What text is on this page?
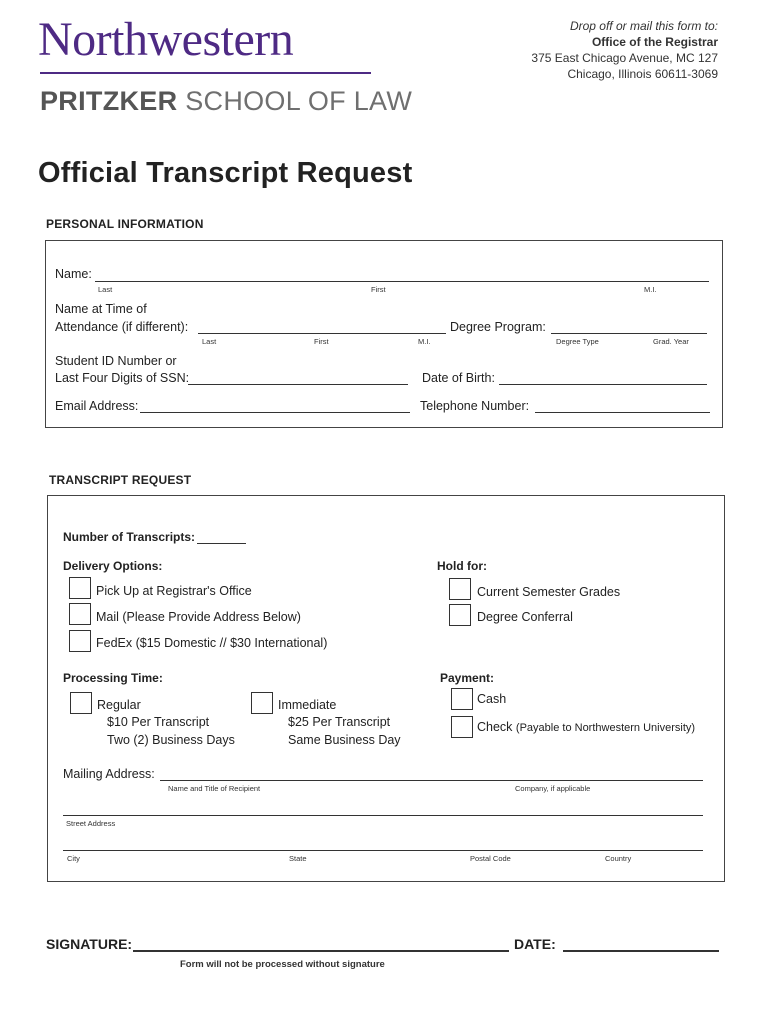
Northwestern
PRITZKER SCHOOL OF LAW
Drop off or mail this form to:
Office of the Registrar
375 East Chicago Avenue, MC 127
Chicago, Illinois 60611-3069
Official Transcript Request
PERSONAL INFORMATION
Name:
Last	First	M.I.
Name at Time of
Attendance (if different):
Last	First	M.I.
Degree Program:
Degree Type	Grad. Year
Student ID Number or
Last Four Digits of SSN:	Date of Birth:
Email Address:	Telephone Number:
TRANSCRIPT REQUEST
Number of Transcripts:
Delivery Options:
Pick Up at Registrar's Office
Mail (Please Provide Address Below)
FedEx ($15 Domestic // $30 International)
Hold for:
Current Semester Grades
Degree Conferral
Processing Time:
Regular
$10 Per Transcript
Two (2) Business Days
Immediate
$25 Per Transcript
Same Business Day
Payment:
Cash
Check (Payable to Northwestern University)
Mailing Address:
Name and Title of Recipient	Company, if applicable
Street Address
City	State	Postal Code	Country
SIGNATURE:	DATE:
Form will not be processed without signature
